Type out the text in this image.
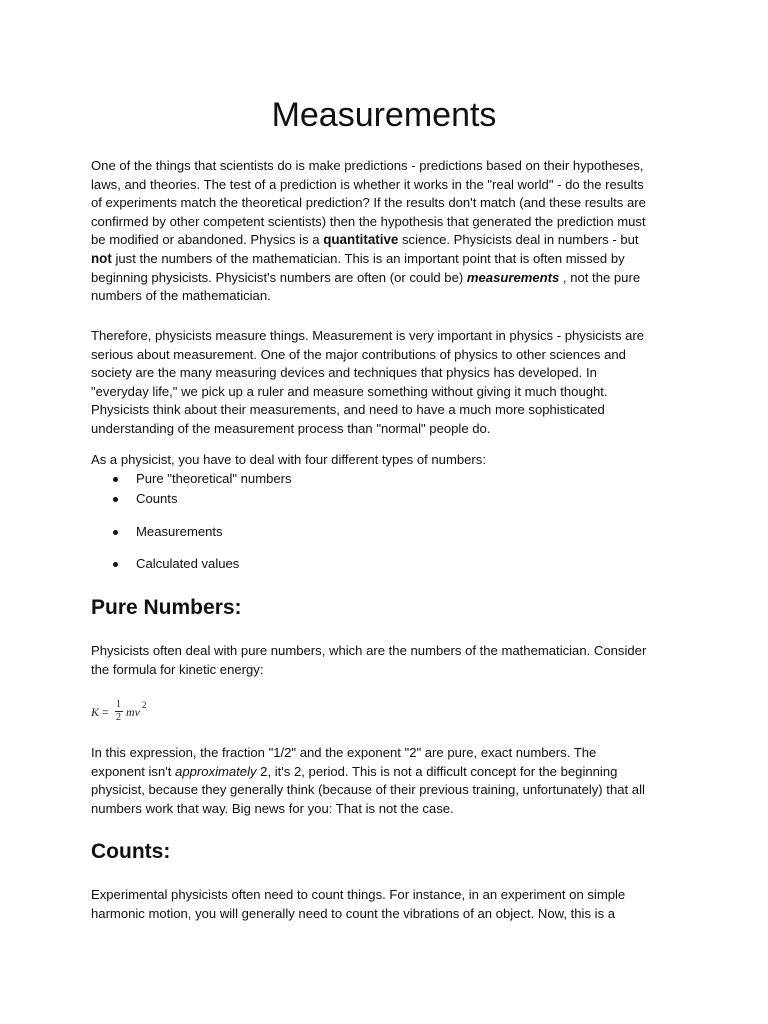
Measurements

One of the things that scientists do is make predictions - predictions based on their hypotheses,
laws, and theories. The test of a prediction is whether it works in the "real world" - do the results
of experiments match the theoretical prediction? If the results don't match (and these results are
confirmed by other competent scientists) then the hypothesis that generated the prediction must
be modified or abandoned. Physics is a quantitative science. Physicists deal in numbers - but
not just the numbers of the mathematician. This is an important point that is often missed by
beginning physicists. Physicist's numbers are often (or could be) measurements , not the pure
numbers of the mathematician.

Therefore, physicists measure things. Measurement is very important in physics - physicists are
serious about measurement. One of the major contributions of physics to other sciences and
society are the many measuring devices and techniques that physics has developed. In
"everyday life," we pick up a ruler and measure something without giving it much thought.
Physicists think about their measurements, and need to have a much more sophisticated
understanding of the measurement process than "normal" people do.

As a physicist, you have to deal with four different types of numbers:

Pure "theoretical" numbers
Counts
Measurements
Calculated values
Pure Numbers:

Physicists often deal with pure numbers, which are the numbers of the mathematician. Consider
the formula for kinetic energy:

K =
1
2 mv 2

In this expression, the fraction "1/2" and the exponent "2" are pure, exact numbers. The
exponent isn't approximately 2, it's 2, period. This is not a difficult concept for the beginning
physicist, because they generally think (because of their previous training, unfortunately) that all
numbers work that way. Big news for you: That is not the case.

Counts:

Experimental physicists often need to count things. For instance, in an experiment on simple
harmonic motion, you will generally need to count the vibrations of an object. Now, this is a
